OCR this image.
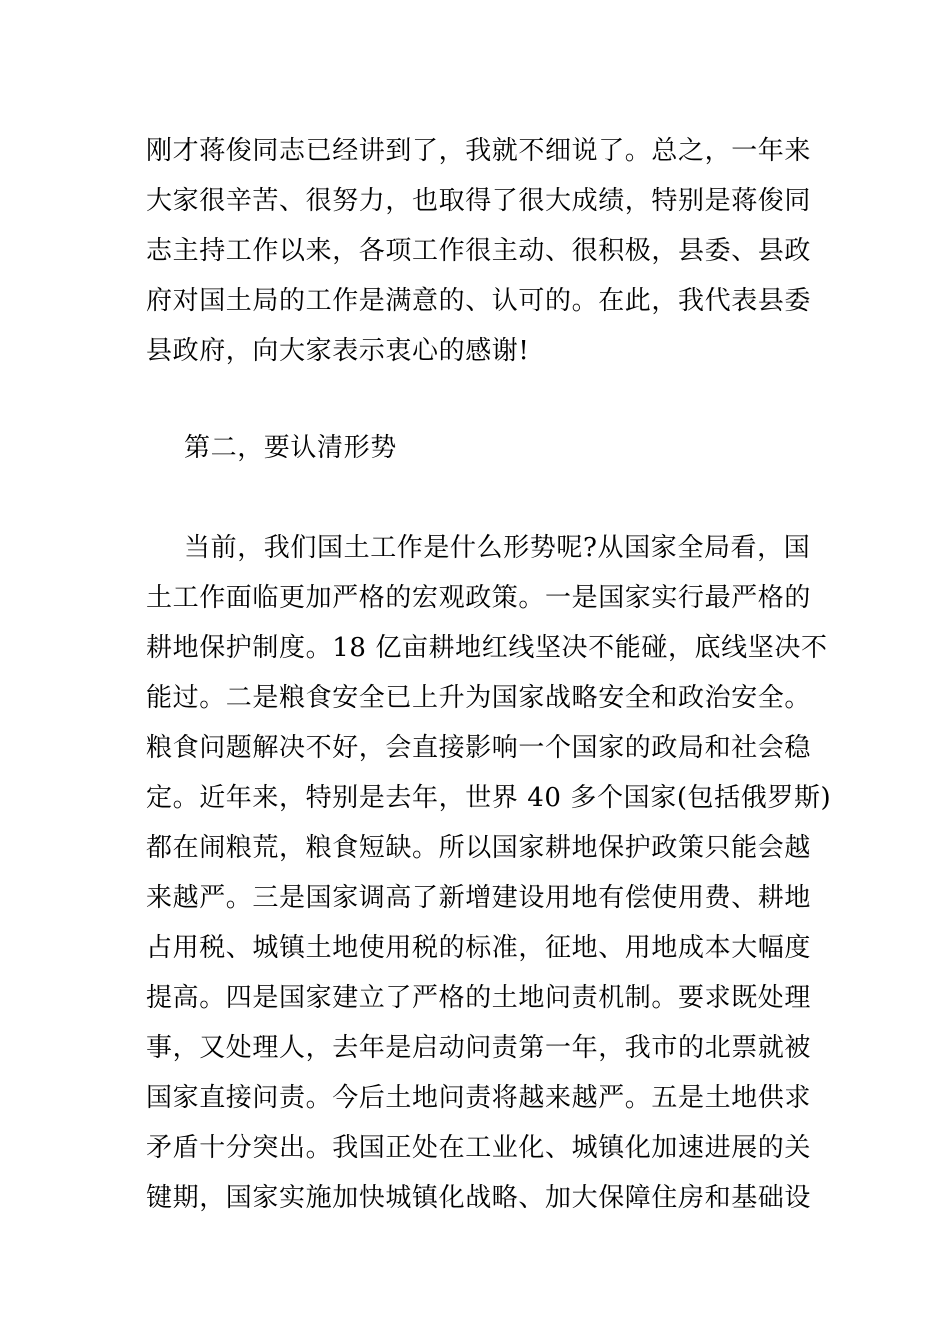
刚才蒋俊同志已经讲到了，我就不细说了。总之，一年来
大家很辛苦、很努力，也取得了很大成绩，特别是蒋俊同
志主持工作以来，各项工作很主动、很积极，县委、县政
府对国土局的工作是满意的、认可的。在此，我代表县委
县政府，向大家表示衷心的感谢!
第二，要认清形势
当前，我们国土工作是什么形势呢?从国家全局看，国
土工作面临更加严格的宏观政策。一是国家实行最严格的
耕地保护制度。18 亿亩耕地红线坚决不能碰，底线坚决不
能过。二是粮食安全已上升为国家战略安全和政治安全。
粮食问题解决不好，会直接影响一个国家的政局和社会稳
定。近年来，特别是去年，世界 40 多个国家(包括俄罗斯)
都在闹粮荒，粮食短缺。所以国家耕地保护政策只能会越
来越严。三是国家调高了新增建设用地有偿使用费、耕地
占用税、城镇土地使用税的标准，征地、用地成本大幅度
提高。四是国家建立了严格的土地问责机制。要求既处理
事，又处理人，去年是启动问责第一年，我市的北票就被
国家直接问责。今后土地问责将越来越严。五是土地供求
矛盾十分突出。我国正处在工业化、城镇化加速进展的关
键期，国家实施加快城镇化战略、加大保障住房和基础设
